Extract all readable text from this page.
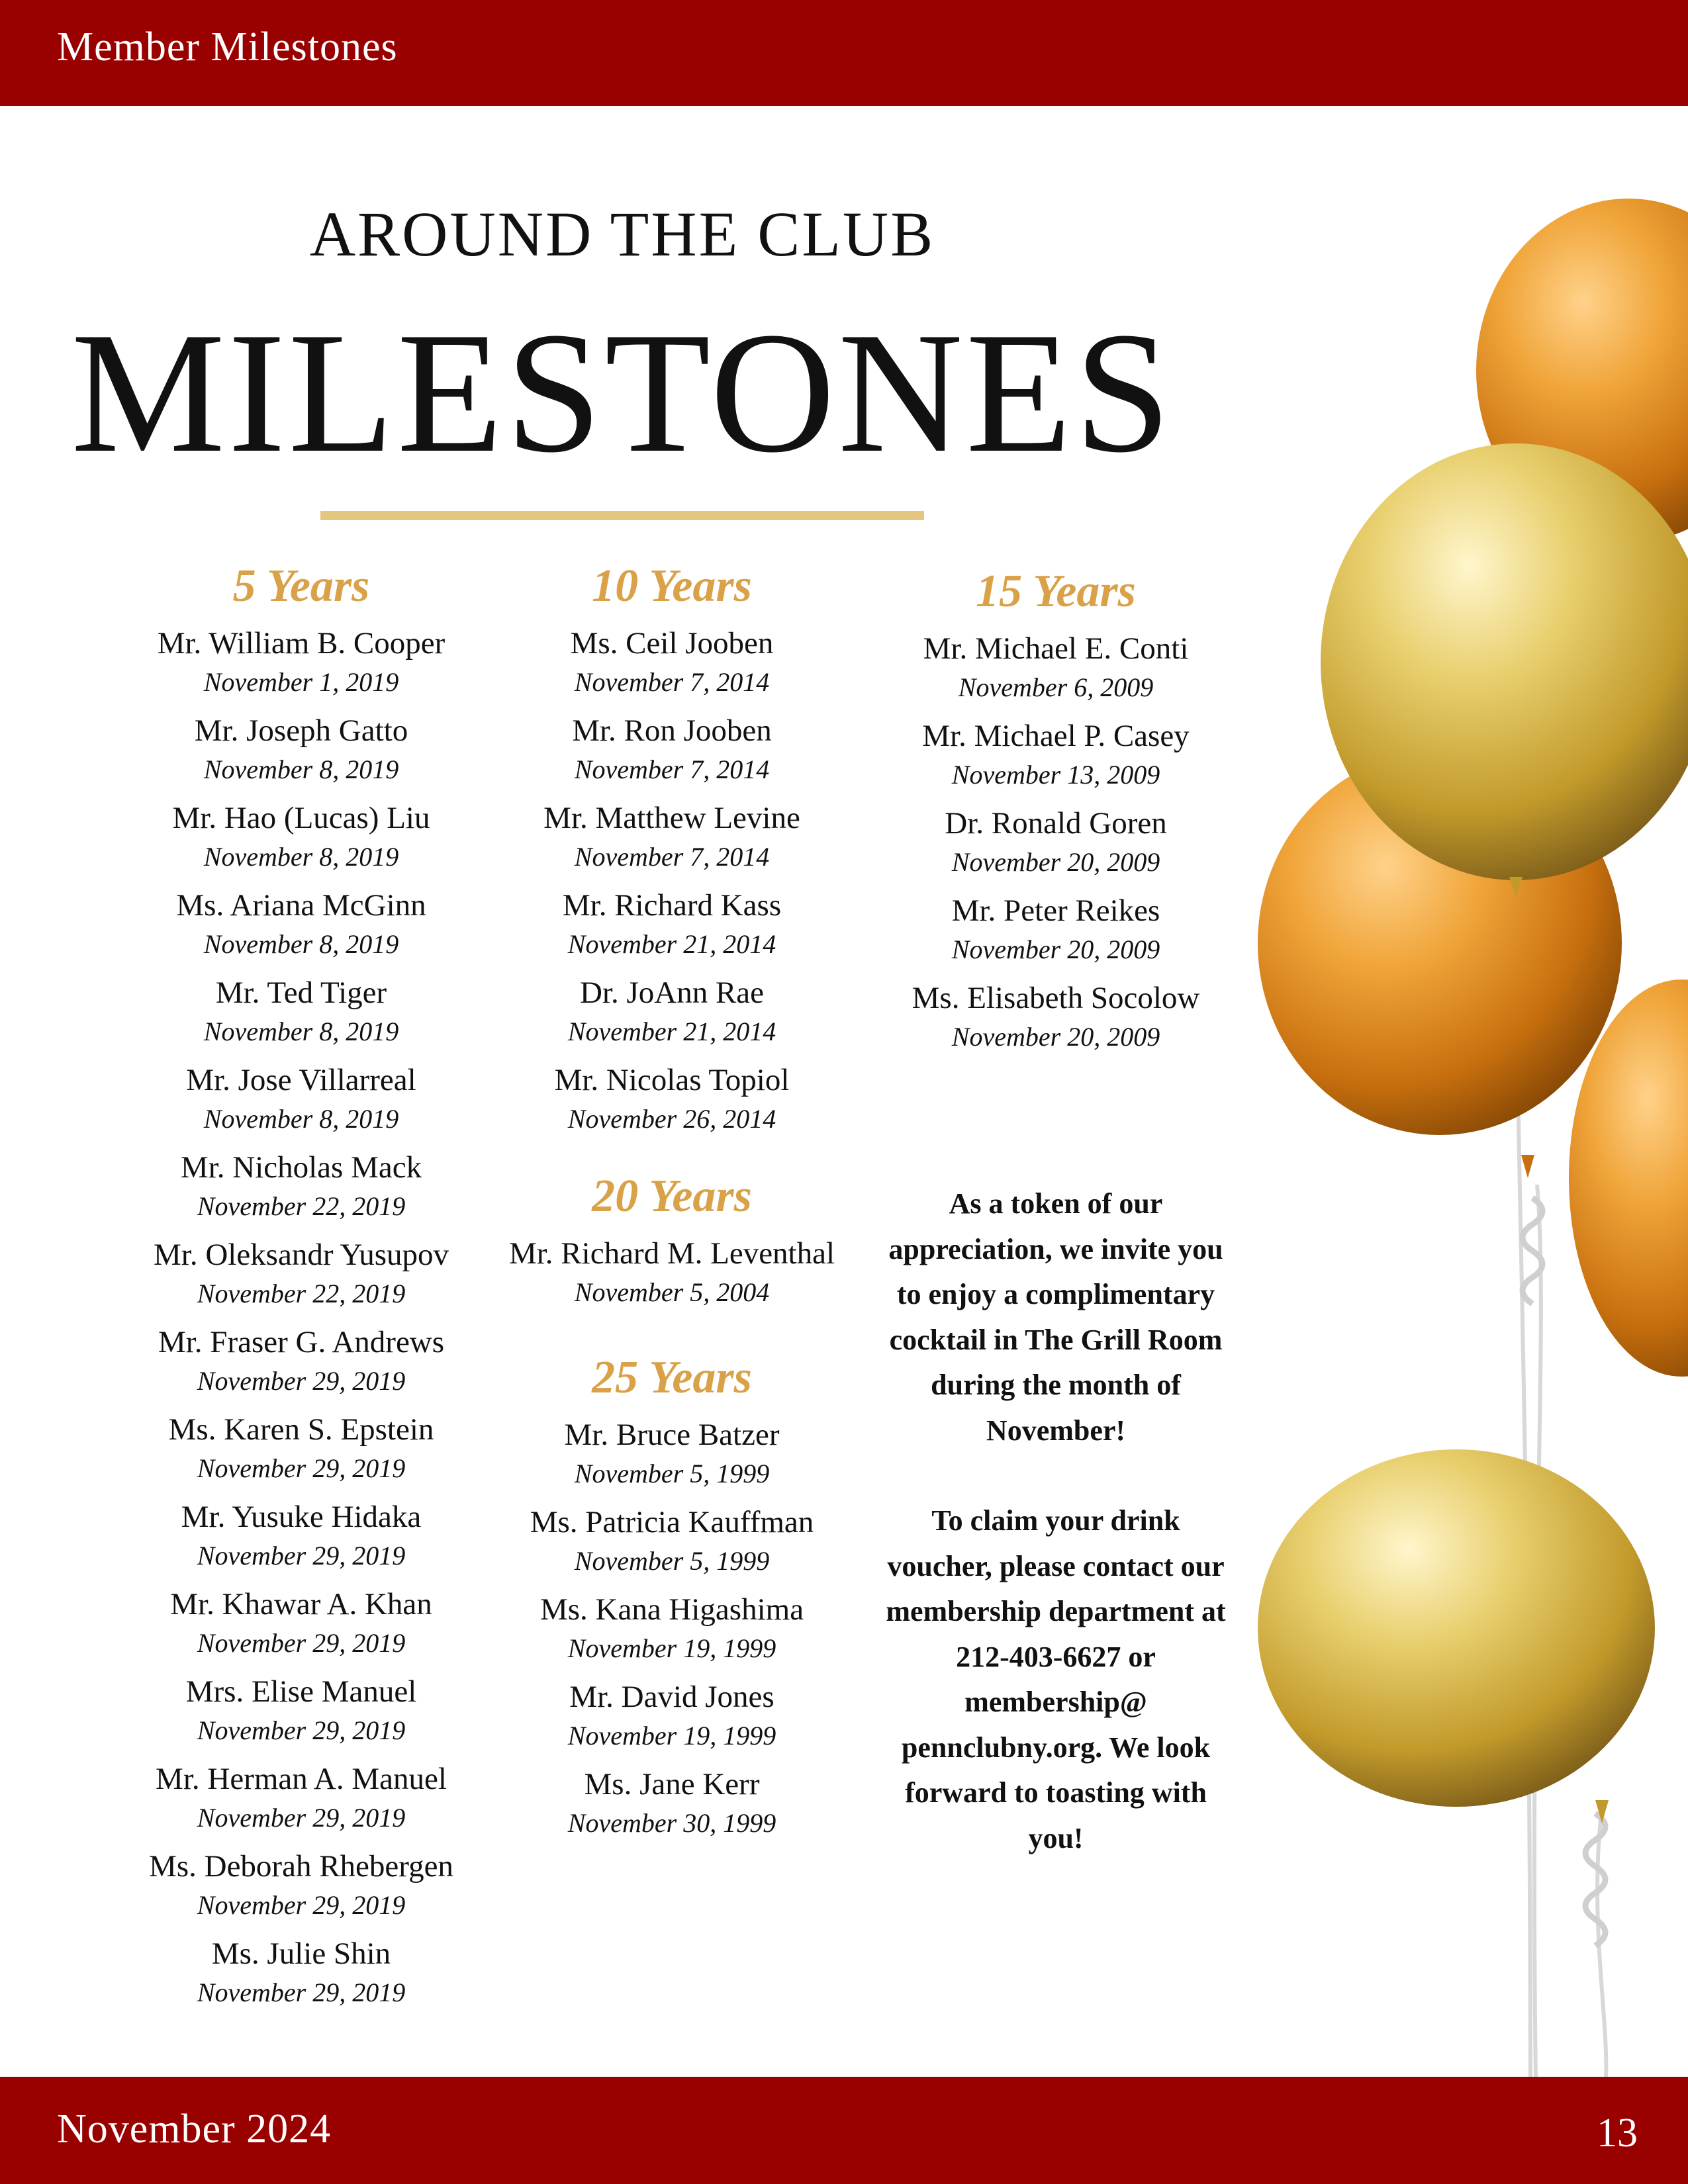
Member Milestones
AROUND THE CLUB
MILESTONES
5 Years
Mr. William B. Cooper
November 1, 2019
Mr. Joseph Gatto
November 8, 2019
Mr. Hao (Lucas) Liu
November 8, 2019
Ms. Ariana McGinn
November 8, 2019
Mr. Ted Tiger
November 8, 2019
Mr. Jose Villarreal
November 8, 2019
Mr. Nicholas Mack
November 22, 2019
Mr. Oleksandr Yusupov
November 22, 2019
Mr. Fraser G. Andrews
November 29, 2019
Ms. Karen S. Epstein
November 29, 2019
Mr. Yusuke Hidaka
November 29, 2019
Mr. Khawar A. Khan
November 29, 2019
Mrs. Elise Manuel
November 29, 2019
Mr. Herman A. Manuel
November 29, 2019
Ms. Deborah Rhebergen
November 29, 2019
Ms. Julie Shin
November 29, 2019
10 Years
Ms. Ceil Jooben
November 7, 2014
Mr. Ron Jooben
November 7, 2014
Mr. Matthew Levine
November 7, 2014
Mr. Richard Kass
November 21, 2014
Dr. JoAnn Rae
November 21, 2014
Mr. Nicolas Topiol
November 26, 2014
20 Years
Mr. Richard M. Leventhal
November 5, 2004
25 Years
Mr. Bruce Batzer
November 5, 1999
Ms. Patricia Kauffman
November 5, 1999
Ms. Kana Higashima
November 19, 1999
Mr. David Jones
November 19, 1999
Ms. Jane Kerr
November 30, 1999
15 Years
Mr. Michael E. Conti
November 6, 2009
Mr. Michael P. Casey
November 13, 2009
Dr. Ronald Goren
November 20, 2009
Mr. Peter Reikes
November 20, 2009
Ms. Elisabeth Socolow
November 20, 2009

As a token of our appreciation, we invite you to enjoy a complimentary cocktail in The Grill Room during the month of November!

To claim your drink voucher, please contact our membership department at 212-403-6627 or membership@ pennclubny.org. We look forward to toasting with you!

November 2024	13
